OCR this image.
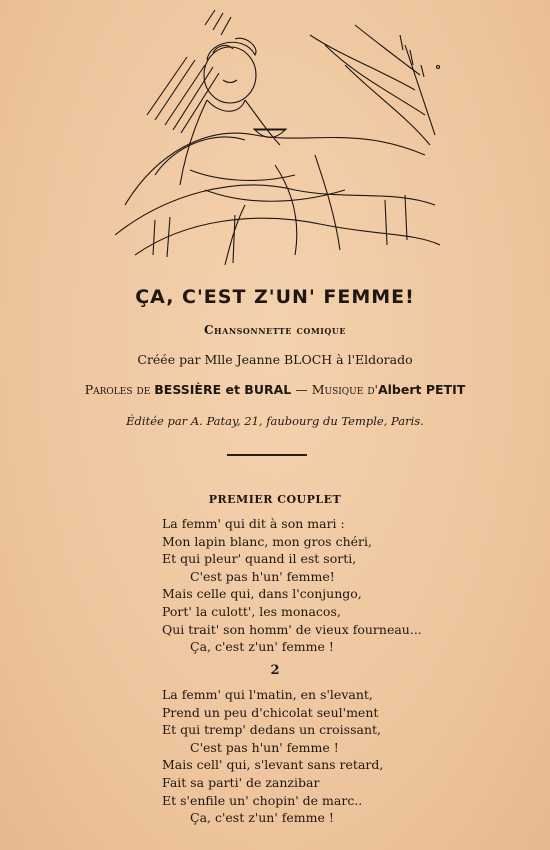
ÇA, C'EST Z'UN' FEMME!
Chansonnette comique
Créée par Mlle Jeanne BLOCH à l'Eldorado
Paroles de BESSIÈRE et BURAL — Musique d'Albert PETIT
Éditée par A. Patay, 21, faubourg du Temple, Paris.
PREMIER COUPLET
La femm' qui dit à son mari :
Mon lapin blanc, mon gros chéri,
Et qui pleur' quand il est sorti,
C'est pas h'un' femme!
Mais celle qui, dans l'conjungo,
Port' la culott', les monacos,
Qui trait' son homm' de vieux fourneau...
Ça, c'est z'un' femme !
2
La femm' qui l'matin, en s'levant,
Prend un peu d'chicolat seul'ment
Et qui tremp' dedans un croissant,
C'est pas h'un' femme !
Mais cell' qui, s'levant sans retard,
Fait sa parti' de zanzibar
Et s'enfile un' chopin' de marc..
Ça, c'est z'un' femme !
